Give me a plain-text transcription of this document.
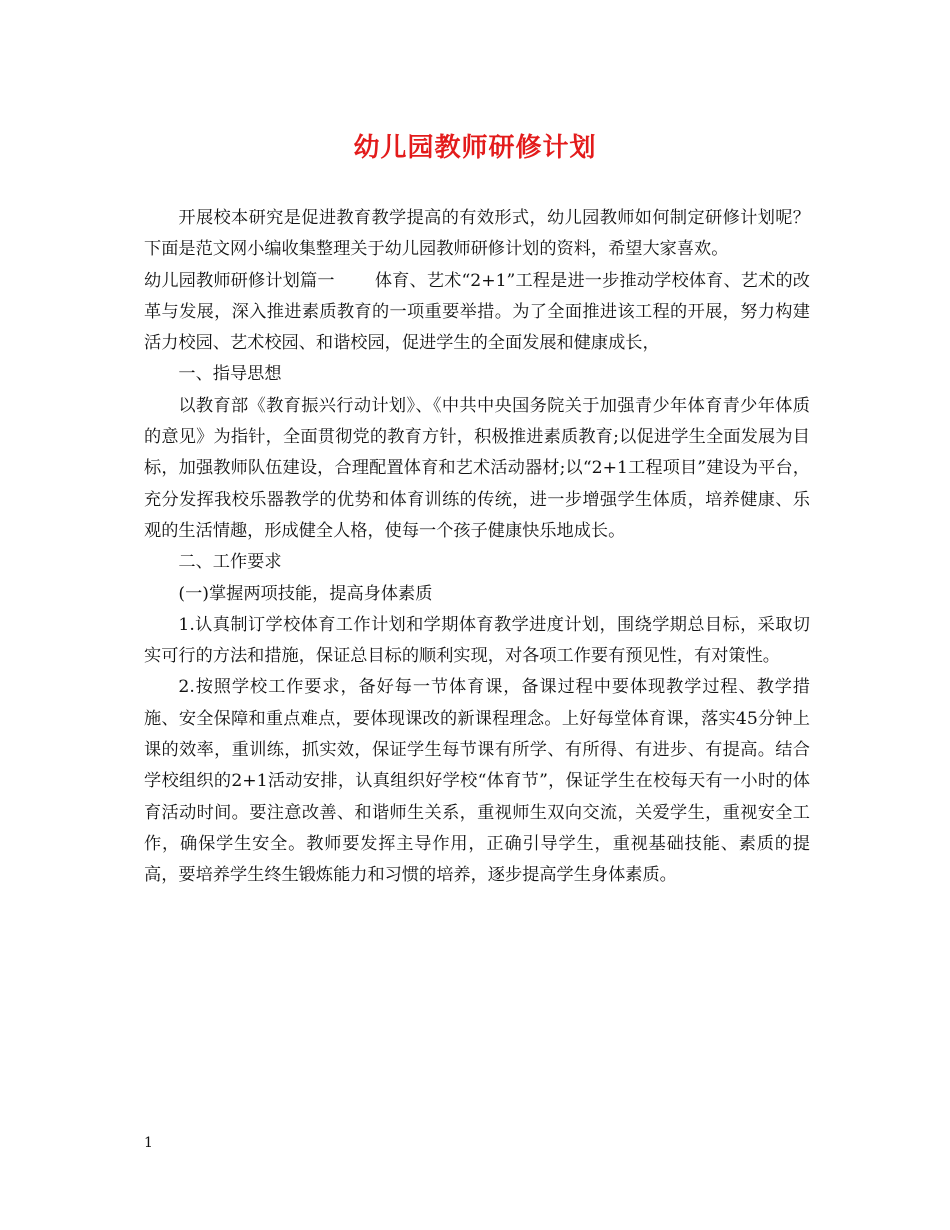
幼儿园教师研修计划

开展校本研究是促进教育教学提高的有效形式，幼儿园教师如何制定研修计划呢？下面是范文网小编收集整理关于幼儿园教师研修计划的资料，希望大家喜欢。

幼儿园教师研修计划篇一 体育、艺术“2+1”工程是进一步推动学校体育、艺术的改革与发展，深入推进素质教育的一项重要举措。为了全面推进该工程的开展，努力构建活力校园、艺术校园、和谐校园，促进学生的全面发展和健康成长，

一、指导思想

以教育部《教育振兴行动计划》、《中共中央国务院关于加强青少年体育青少年体质的意见》为指针，全面贯彻党的教育方针，积极推进素质教育;以促进学生全面发展为目标，加强教师队伍建设，合理配置体育和艺术活动器材;以“2+1工程项目”建设为平台，充分发挥我校乐器教学的优势和体育训练的传统，进一步增强学生体质，培养健康、乐观的生活情趣，形成健全人格，使每一个孩子健康快乐地成长。

二、工作要求

(一)掌握两项技能，提高身体素质

1.认真制订学校体育工作计划和学期体育教学进度计划，围绕学期总目标，采取切实可行的方法和措施，保证总目标的顺利实现，对各项工作要有预见性，有对策性。

2.按照学校工作要求，备好每一节体育课，备课过程中要体现教学过程、教学措施、安全保障和重点难点，要体现课改的新课程理念。上好每堂体育课，落实45分钟上课的效率，重训练，抓实效，保证学生每节课有所学、有所得、有进步、有提高。结合学校组织的2+1活动安排，认真组织好学校“体育节”，保证学生在校每天有一小时的体育活动时间。要注意改善、和谐师生关系，重视师生双向交流，关爱学生，重视安全工作，确保学生安全。教师要发挥主导作用，正确引导学生，重视基础技能、素质的提高，要培养学生终生锻炼能力和习惯的培养，逐步提高学生身体素质。

1
